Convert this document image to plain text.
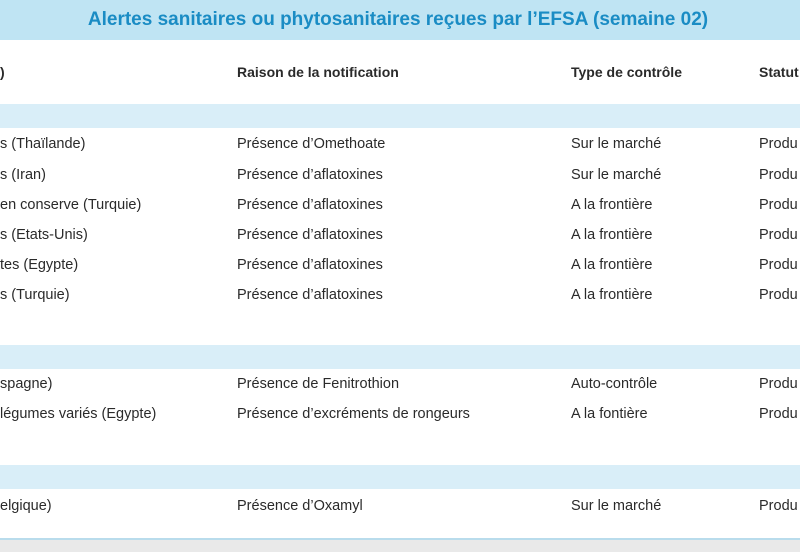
Alertes sanitaires ou phytosanitaires reçues par l’EFSA (semaine 02)
)	Raison de la notification	Type de contrôle	Statut
s (Thaïlande)	Présence d’Omethoate	Sur le marché	Produ
s (Iran)	Présence d’aflatoxines	Sur le marché	Produ
en conserve (Turquie)	Présence d’aflatoxines	A la frontière	Produ
s (Etats-Unis)	Présence d’aflatoxines	A la frontière	Produ
tes (Egypte)	Présence d’aflatoxines	A la frontière	Produ
s (Turquie)	Présence d’aflatoxines	A la frontière	Produ
spagne)	Présence de Fenitrothion	Auto-contrôle	Produ
légumes variés (Egypte)	Présence d’excréments de rongeurs	A la fontière	Produ
elgique)	Présence d’Oxamyl	Sur le marché	Produ
